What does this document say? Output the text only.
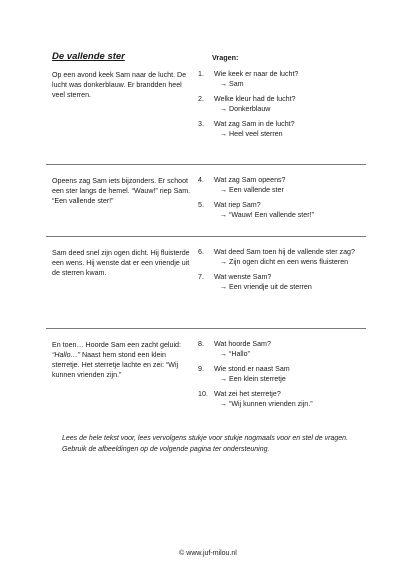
De vallende ster	Vragen:

Op een avond keek Sam naar de lucht. De lucht was donkerblauw. Er brandden heel veel sterren.

1. Wie keek er naar de lucht?
→ Sam
2. Welke kleur had de lucht?
→ Donkerblauw
3. Wat zag Sam in de lucht?
→ Heel veel sterren

Opeens zag Sam iets bijzonders. Er schoot een ster langs de hemel. “Wauw!” riep Sam. “Een vallende ster!”

4. Wat zag Sam opeens?
→ Een vallende ster
5. Wat riep Sam?
→ “Wauw! Een vallende ster!”

Sam deed snel zijn ogen dicht. Hij fluisterde een wens. Hij wenste dat er een vriendje uit de sterren kwam.

6. Wat deed Sam toen hij de vallende ster zag?
→ Zijn ogen dicht en een wens fluisteren
7. Wat wenste Sam?
→ Een vriendje uit de sterren

En toen… Hoorde Sam een zacht geluid: “Hallo…” Naast hem stond een klein sterretje. Het sterretje lachte en zei: “Wij kunnen vrienden zijn.”

8. Wat hoorde Sam?
→ “Hallo”
9. Wie stond er naast Sam
→ Een klein sterretje
10. Wat zei het sterretje?
→ “Wij kunnen vrienden zijn.”

Lees de hele tekst voor, lees vervolgens stukje voor stukje nogmaals voor en stel de vragen. Gebruik de afbeeldingen op de volgende pagina ter ondersteuning.

© www.juf-milou.nl
